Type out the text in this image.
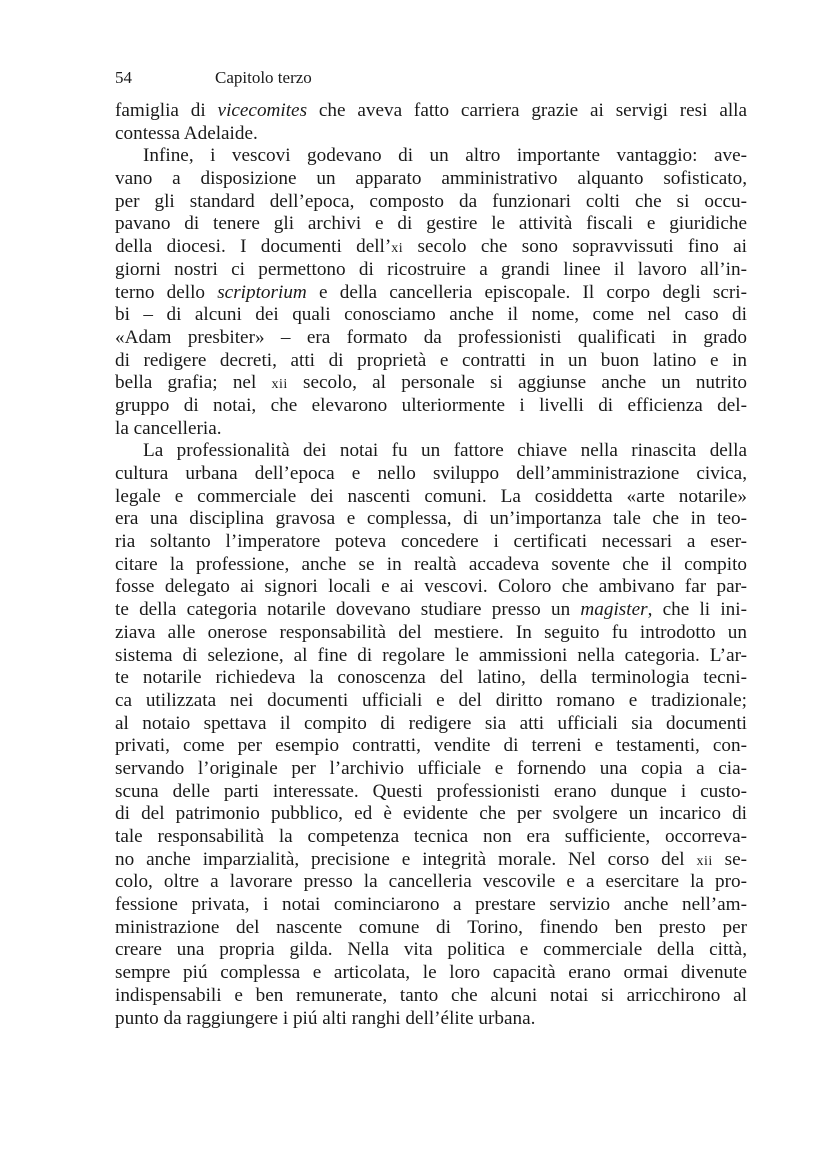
54	Capitolo terzo
famiglia di vicecomites che aveva fatto carriera grazie ai servigi resi alla
contessa Adelaide.
Infine, i vescovi godevano di un altro importante vantaggio: ave-
vano a disposizione un apparato amministrativo alquanto sofisticato,
per gli standard dell’epoca, composto da funzionari colti che si occu-
pavano di tenere gli archivi e di gestire le attività fiscali e giuridiche
della diocesi. I documenti dell’xi secolo che sono sopravvissuti fino ai
giorni nostri ci permettono di ricostruire a grandi linee il lavoro all’in-
terno dello scriptorium e della cancelleria episcopale. Il corpo degli scri-
bi – di alcuni dei quali conosciamo anche il nome, come nel caso di
«Adam presbiter» – era formato da professionisti qualificati in grado
di redigere decreti, atti di proprietà e contratti in un buon latino e in
bella grafia; nel xii secolo, al personale si aggiunse anche un nutrito
gruppo di notai, che elevarono ulteriormente i livelli di efficienza del-
la cancelleria.
La professionalità dei notai fu un fattore chiave nella rinascita della
cultura urbana dell’epoca e nello sviluppo dell’amministrazione civica,
legale e commerciale dei nascenti comuni. La cosiddetta «arte notarile»
era una disciplina gravosa e complessa, di un’importanza tale che in teo-
ria soltanto l’imperatore poteva concedere i certificati necessari a eser-
citare la professione, anche se in realtà accadeva sovente che il compito
fosse delegato ai signori locali e ai vescovi. Coloro che ambivano far par-
te della categoria notarile dovevano studiare presso un magister, che li ini-
ziava alle onerose responsabilità del mestiere. In seguito fu introdotto un
sistema di selezione, al fine di regolare le ammissioni nella categoria. L’ar-
te notarile richiedeva la conoscenza del latino, della terminologia tecni-
ca utilizzata nei documenti ufficiali e del diritto romano e tradizionale;
al notaio spettava il compito di redigere sia atti ufficiali sia documenti
privati, come per esempio contratti, vendite di terreni e testamenti, con-
servando l’originale per l’archivio ufficiale e fornendo una copia a cia-
scuna delle parti interessate. Questi professionisti erano dunque i custo-
di del patrimonio pubblico, ed è evidente che per svolgere un incarico di
tale responsabilità la competenza tecnica non era sufficiente, occorreva-
no anche imparzialità, precisione e integrità morale. Nel corso del xii se-
colo, oltre a lavorare presso la cancelleria vescovile e a esercitare la pro-
fessione privata, i notai cominciarono a prestare servizio anche nell’am-
ministrazione del nascente comune di Torino, finendo ben presto per
creare una propria gilda. Nella vita politica e commerciale della città,
sempre piú complessa e articolata, le loro capacità erano ormai divenute
indispensabili e ben remunerate, tanto che alcuni notai si arricchirono al
punto da raggiungere i piú alti ranghi dell’élite urbana.
